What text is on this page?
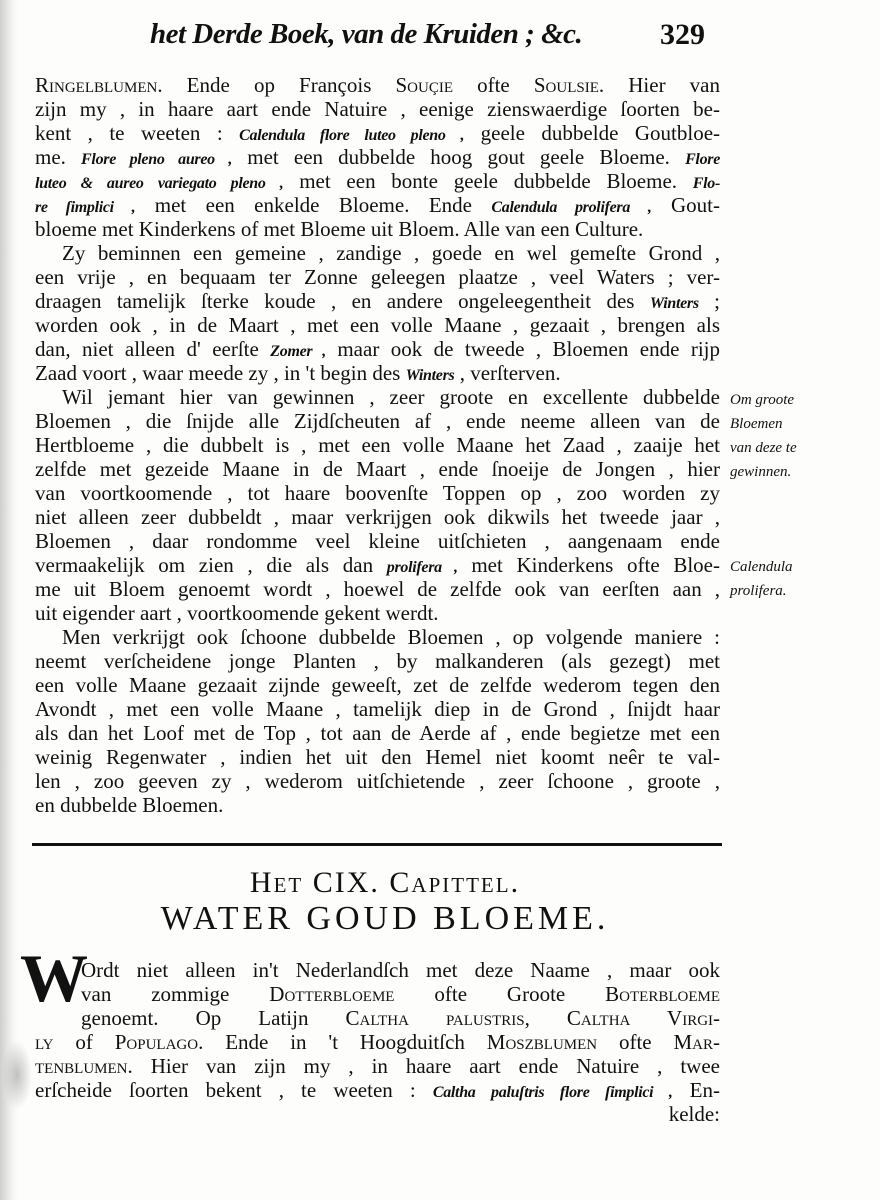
het Derde Boek, van de Kruiden ; &c.	329
Ringelblumen. Ende op François Souçie ofte Soulsie. Hier van
zijn my , in haare aart ende Natuire , eenige zienswaerdige ſoorten be-
kent , te weeten : Calendula flore luteo pleno , geele dubbelde Goutbloe-
me. Flore pleno aureo , met een dubbelde hoog gout geele Bloeme. Flore
luteo & aureo variegato pleno , met een bonte geele dubbelde Bloeme. Flo-
re ſimplici , met een enkelde Bloeme. Ende Calendula prolifera , Gout-
bloeme met Kinderkens of met Bloeme uit Bloem. Alle van een Culture.
Zy beminnen een gemeine , zandige , goede en wel gemeſte Grond ,
een vrije , en bequaam ter Zonne geleegen plaatze , veel Waters ; ver-
draagen tamelijk ſterke koude , en andere ongeleegentheit des Winters ;
worden ook , in de Maart , met een volle Maane , gezaait , brengen als
dan, niet alleen d' eerſte Zomer , maar ook de tweede , Bloemen ende rijp
Zaad voort , waar meede zy , in 't begin des Winters , verſterven.
Wil jemant hier van gewinnen , zeer groote en excellente dubbelde
Bloemen , die ſnijde alle Zijdſcheuten af , ende neeme alleen van de
Hertbloeme , die dubbelt is , met een volle Maane het Zaad , zaaije het
zelfde met gezeide Maane in de Maart , ende ſnoeije de Jongen , hier
van voortkoomende , tot haare boovenſte Toppen op , zoo worden zy
niet alleen zeer dubbeldt , maar verkrijgen ook dikwils het tweede jaar ,
Bloemen , daar rondomme veel kleine uitſchieten , aangenaam ende
vermaakelijk om zien , die als dan prolifera , met Kinderkens ofte Bloe-
me uit Bloem genoemt wordt , hoewel de zelfde ook van eerſten aan ,
uit eigender aart , voortkoomende gekent werdt.
Men verkrijgt ook ſchoone dubbelde Bloemen , op volgende maniere :
neemt verſcheidene jonge Planten , by malkanderen (als gezegt) met
een volle Maane gezaait zijnde geweeſt, zet de zelfde wederom tegen den
Avondt , met een volle Maane , tamelijk diep in de Grond , ſnijdt haar
als dan het Loof met de Top , tot aan de Aerde af , ende begietze met een
weinig Regenwater , indien het uit den Hemel niet koomt neêr te val-
len , zoo geeven zy , wederom uitſchietende , zeer ſchoone , groote ,
en dubbelde Bloemen.
Om groote
Bloemen
van deze te
gewinnen.
Calendula
prolifera.
Het CIX. Capittel.
WATER GOUD BLOEME.
W
Ordt niet alleen in't Nederlandſch met deze Naame , maar ook
van zommige Dotterbloeme ofte Groote Boterbloeme
genoemt. Op Latijn Caltha palustris, Caltha Virgi-
ly of Populago. Ende in 't Hoogduitſch Moszblumen ofte Mar-
tenblumen. Hier van zijn my , in haare aart ende Natuire , twee
erſcheide ſoorten bekent , te weeten : Caltha paluſtris flore ſimplici , En-
kelde:
